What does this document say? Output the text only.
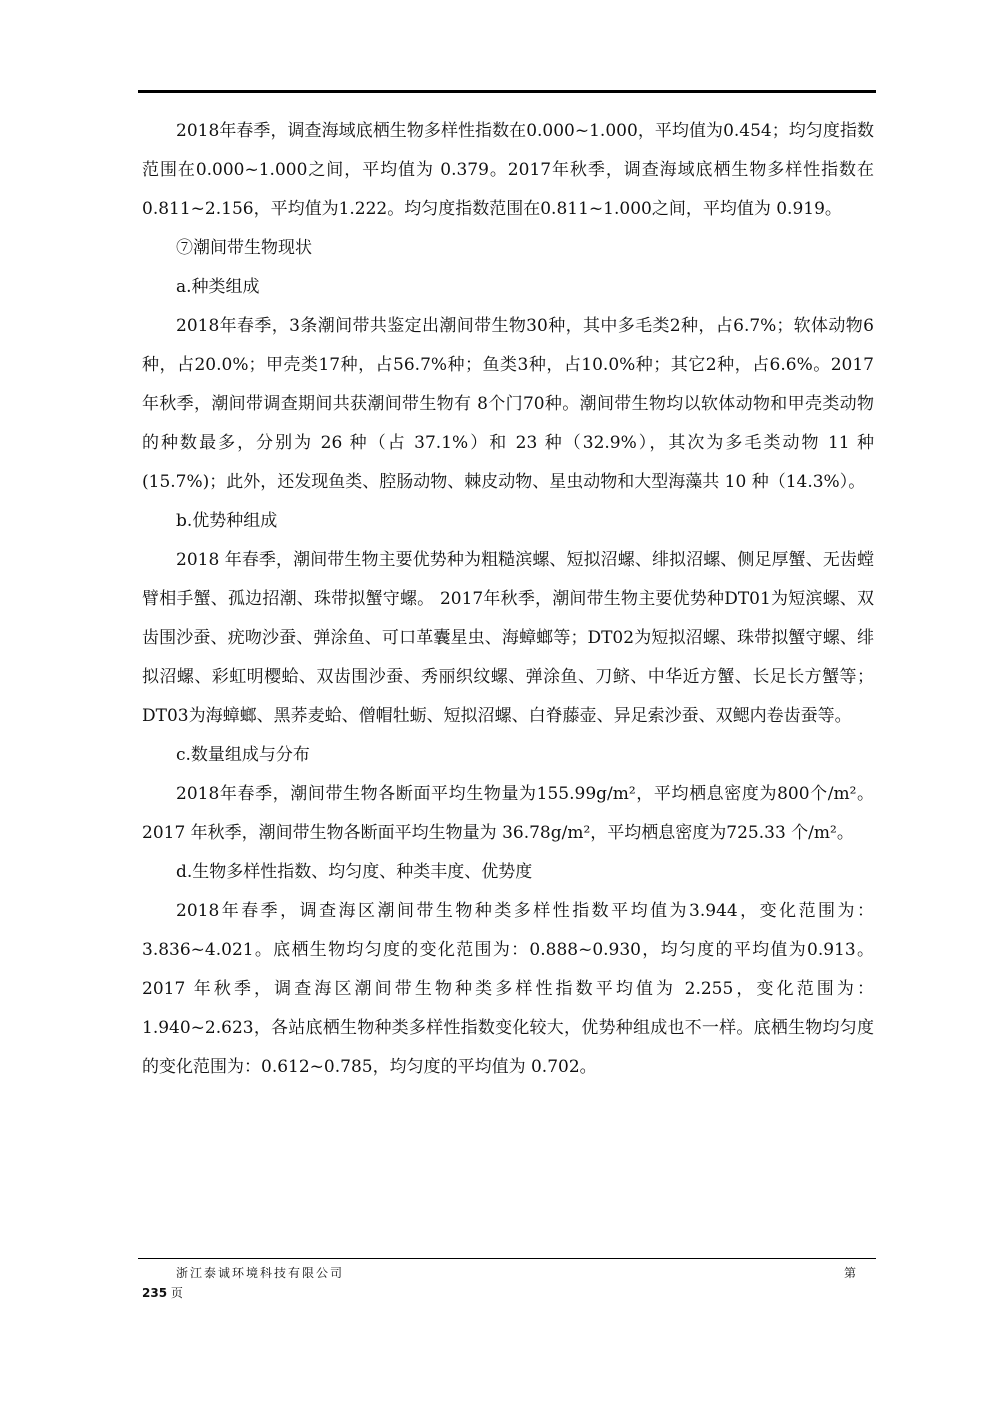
2018年春季，调查海域底栖生物多样性指数在0.000~1.000，平均值为0.454；均匀度指数范围在0.000~1.000之间，平均值为 0.379。2017年秋季，调查海域底栖生物多样性指数在0.811~2.156，平均值为1.222。均匀度指数范围在0.811~1.000之间，平均值为 0.919。

⑦潮间带生物现状

a.种类组成

2018年春季，3条潮间带共鉴定出潮间带生物30种，其中多毛类2种，占6.7%；软体动物6种，占20.0%；甲壳类17种，占56.7%种；鱼类3种，占10.0%种；其它2种，占6.6%。2017年秋季，潮间带调查期间共获潮间带生物有 8个门70种。潮间带生物均以软体动物和甲壳类动物的种数最多，分别为 26 种（占 37.1%）和 23 种（32.9%），其次为多毛类动物 11 种(15.7%)；此外，还发现鱼类、腔肠动物、棘皮动物、星虫动物和大型海藻共 10 种（14.3%）。

b.优势种组成

2018 年春季，潮间带生物主要优势种为粗糙滨螺、短拟沼螺、绯拟沼螺、侧足厚蟹、无齿螳臂相手蟹、孤边招潮、珠带拟蟹守螺。 2017年秋季，潮间带生物主要优势种DT01为短滨螺、双齿围沙蚕、疣吻沙蚕、弹涂鱼、可口革囊星虫、海蟑螂等；DT02为短拟沼螺、珠带拟蟹守螺、绯拟沼螺、彩虹明樱蛤、双齿围沙蚕、秀丽织纹螺、弹涂鱼、刀鲚、中华近方蟹、长足长方蟹等； DT03为海蟑螂、黑荞麦蛤、僧帽牡蛎、短拟沼螺、白脊藤壶、异足索沙蚕、双鳃内卷齿蚕等。

c.数量组成与分布

2018年春季，潮间带生物各断面平均生物量为155.99g/m²，平均栖息密度为800个/m²。2017 年秋季，潮间带生物各断面平均生物量为 36.78g/m²，平均栖息密度为725.33 个/m²。

d.生物多样性指数、均匀度、种类丰度、优势度

2018年春季，调查海区潮间带生物种类多样性指数平均值为3.944，变化范围为：3.836~4.021。底栖生物均匀度的变化范围为：0.888~0.930，均匀度的平均值为0.913。2017 年秋季，调查海区潮间带生物种类多样性指数平均值为 2.255，变化范围为：1.940~2.623，各站底栖生物种类多样性指数变化较大，优势种组成也不一样。底栖生物均匀度的变化范围为：0.612~0.785，均匀度的平均值为 0.702。

浙江泰诚环境科技有限公司	第
235 页
